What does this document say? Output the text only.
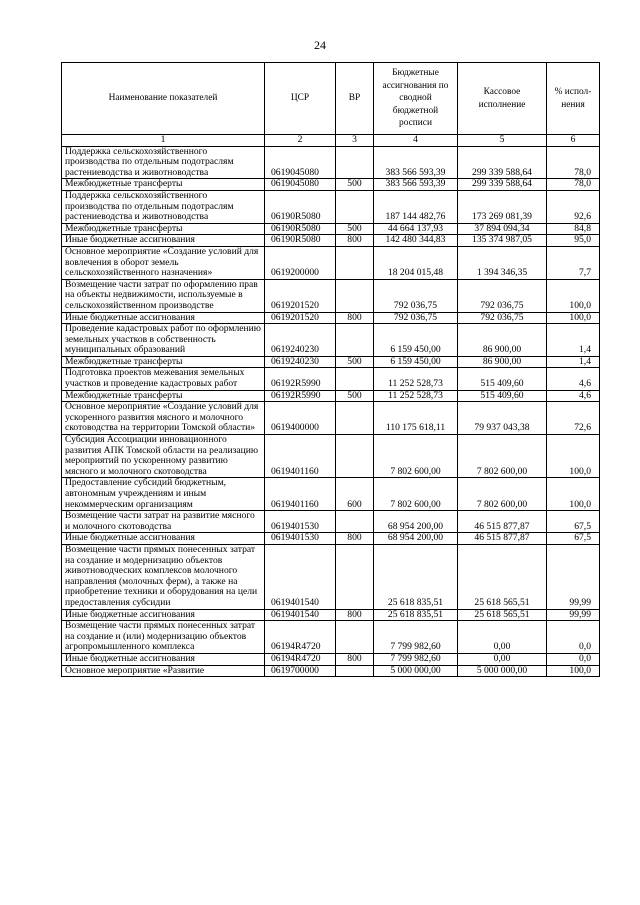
24
Наименование показателей	ЦСР	ВР	Бюджетные ассигнования по сводной бюджетной росписи	Кассовое исполнение	% испол- нения
1	2	3	4	5	6
Поддержка сельскохозяйственного производства по отдельным подотраслям растениеводства и животноводства	0619045080		383 566 593,39	299 339 588,64	78,0
Межбюджетные трансферты	0619045080	500	383 566 593,39	299 339 588,64	78,0
Поддержка сельскохозяйственного производства по отдельным подотраслям растениеводства и животноводства	06190R5080		187 144 482,76	173 269 081,39	92,6
Межбюджетные трансферты	06190R5080	500	44 664 137,93	37 894 094,34	84,8
Иные бюджетные ассигнования	06190R5080	800	142 480 344,83	135 374 987,05	95,0
Основное мероприятие «Создание условий для вовлечения в оборот земель сельскохозяйственного назначения»	0619200000		18 204 015,48	1 394 346,35	7,7
Возмещение части затрат по оформлению прав на объекты недвижимости, используемые в сельскохозяйственном производстве	0619201520		792 036,75	792 036,75	100,0
Иные бюджетные ассигнования	0619201520	800	792 036,75	792 036,75	100,0
Проведение кадастровых работ по оформлению земельных участков в собственность муниципальных образований	0619240230		6 159 450,00	86 900,00	1,4
Межбюджетные трансферты	0619240230	500	6 159 450,00	86 900,00	1,4
Подготовка проектов межевания земельных участков и проведение кадастровых работ	06192R5990		11 252 528,73	515 409,60	4,6
Межбюджетные трансферты	06192R5990	500	11 252 528,73	515 409,60	4,6
Основное мероприятие «Создание условий для ускоренного развития мясного и молочного скотоводства на территории Томской области»	0619400000		110 175 618,11	79 937 043,38	72,6
Субсидия Ассоциации инновационного развития АПК Томской области на реализацию мероприятий по ускоренному развитию мясного и молочного скотоводства	0619401160		7 802 600,00	7 802 600,00	100,0
Предоставление субсидий бюджетным, автономным учреждениям и иным некоммерческим организациям	0619401160	600	7 802 600,00	7 802 600,00	100,0
Возмещение части затрат на развитие мясного и молочного скотоводства	0619401530		68 954 200,00	46 515 877,87	67,5
Иные бюджетные ассигнования	0619401530	800	68 954 200,00	46 515 877,87	67,5
Возмещение части прямых понесенных затрат на создание и модернизацию объектов животноводческих комплексов молочного направления (молочных ферм), а также на приобретение техники и оборудования на цели предоставления субсидии	0619401540		25 618 835,51	25 618 565,51	99,99
Иные бюджетные ассигнования	0619401540	800	25 618 835,51	25 618 565,51	99,99
Возмещение части прямых понесенных затрат на создание и (или) модернизацию объектов агропромышленного комплекса	06194R4720		7 799 982,60	0,00	0,0
Иные бюджетные ассигнования	06194R4720	800	7 799 982,60	0,00	0,0
Основное мероприятие «Развитие	0619700000		5 000 000,00	5 000 000,00	100,0
